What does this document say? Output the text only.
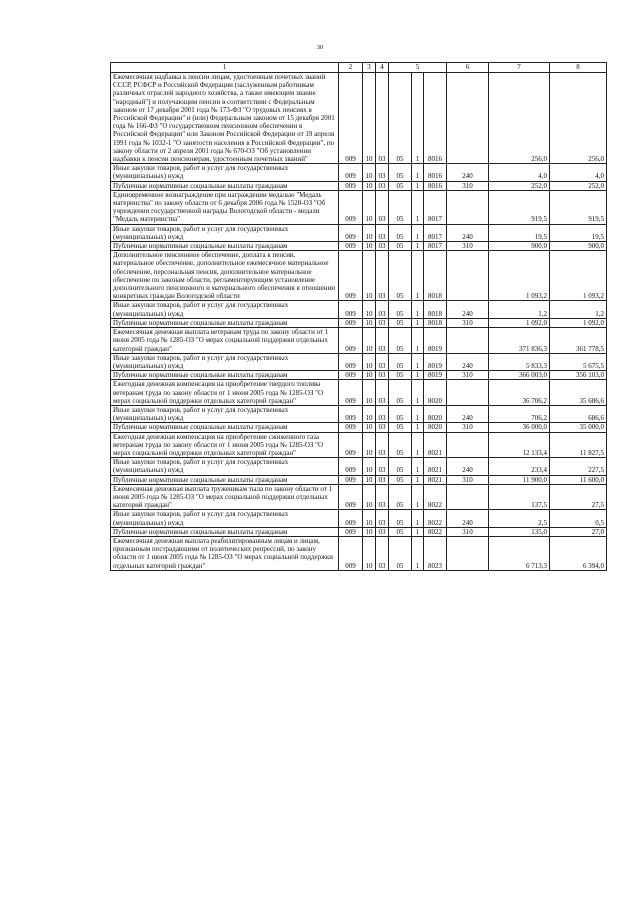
30
1	2	3	4	5			6	7	8
Ежемесячная надбавка к пенсии лицам, удостоенным почетных званий СССР, РСФСР и Российской Федерации (заслуженным работникам различных отраслей народного хозяйства, а также имеющим звание "народный") и получающим пенсии в соответствии с Федеральным законом от 17 декабря 2001 года № 173-ФЗ "О трудовых пенсиях в Российской Федерации" и (или) Федеральным законом от 15 декабря 2001 года № 166-ФЗ "О государственном пенсионном обеспечении в Российской Федерации" или Законом Российской Федерации от 19 апреля 1991 года № 1032-1 "О занятости населения в Российской Федерации", по закону области от 2 апреля 2001 года № 670-ОЗ "Об установлении надбавки к пенсии пенсионерам, удостоенным почетных званий"	009	10	03	05	1	8016		256,0	256,0
Иные закупки товаров, работ и услуг для государственных (муниципальных) нужд	009	10	03	05	1	8016	240	4,0	4,0
Публичные нормативные социальные выплаты гражданам	009	10	03	05	1	8016	310	252,0	252,0
Единовременное вознаграждение при награждении медалью "Медаль материнства" по закону области от 6 декабря 2006 года № 1528-ОЗ "Об учреждении государственной награды Вологодской области - медали "Медаль материнства"	009	10	03	05	1	8017		919,5	919,5
Иные закупки товаров, работ и услуг для государственных (муниципальных) нужд	009	10	03	05	1	8017	240	19,5	19,5
Публичные нормативные социальные выплаты гражданам	009	10	03	05	1	8017	310	900,0	900,0
Дополнительное пенсионное обеспечение, доплата к пенсии, материальное обеспечение, дополнительное ежемесячное материальное обеспечение, персональная пенсия, дополнительное материальное обеспечение по законам области, регламентирующим установление дополнительного пенсионного и материального обеспечения в отношении конкретных граждан Вологодской области	009	10	03	05	1	8018		1 093,2	1 093,2
Иные закупки товаров, работ и услуг для государственных (муниципальных) нужд	009	10	03	05	1	8018	240	1,2	1,2
Публичные нормативные социальные выплаты гражданам	009	10	03	05	1	8018	310	1 092,0	1 092,0
Ежемесячная денежная выплата ветеранам труда по закону области от 1 июня 2005 года № 1285-ОЗ "О мерах социальной поддержки отдельных категорий граждан"	009	10	03	05	1	8019		371 836,3	361 778,5
Иные закупки товаров, работ и услуг для государственных (муниципальных) нужд	009	10	03	05	1	8019	240	5 833,3	5 675,5
Публичные нормативные социальные выплаты гражданам	009	10	03	05	1	8019	310	366 003,0	356 103,0
Ежегодная денежная компенсация на приобретение твердого топлива ветеранам труда по закону области от 1 июня 2005 года № 1285-ОЗ "О мерах социальной поддержки отдельных категорий граждан"	009	10	03	05	1	8020		36 706,2	35 686,6
Иные закупки товаров, работ и услуг для государственных (муниципальных) нужд	009	10	03	05	1	8020	240	706,2	686,6
Публичные нормативные социальные выплаты гражданам	009	10	03	05	1	8020	310	36 000,0	35 000,0
Ежегодная денежная компенсация на приобретение сжиженного газа ветеранам труда по закону области от 1 июня 2005 года № 1285-ОЗ "О мерах социальной поддержки отдельных категорий граждан"	009	10	03	05	1	8021		12 133,4	11 827,5
Иные закупки товаров, работ и услуг для государственных (муниципальных) нужд	009	10	03	05	1	8021	240	233,4	227,5
Публичные нормативные социальные выплаты гражданам	009	10	03	05	1	8021	310	11 900,0	11 600,0
Ежемесячная денежная выплата труженикам тыла по закону области от 1 июня 2005 года № 1285-ОЗ "О мерах социальной поддержки отдельных категорий граждан"	009	10	03	05	1	8022		137,5	27,5
Иные закупки товаров, работ и услуг для государственных (муниципальных) нужд	009	10	03	05	1	8022	240	2,5	0,5
Публичные нормативные социальные выплаты гражданам	009	10	03	05	1	8022	310	135,0	27,0
Ежемесячная денежная выплата реабилитированным лицам и лицам, признанным пострадавшими от политических репрессий, по закону области от 1 июня 2005 года № 1285-ОЗ "О мерах социальной поддержки отдельных категорий граждан"	009	10	03	05	1	8023		6 713,3	6 394,0
